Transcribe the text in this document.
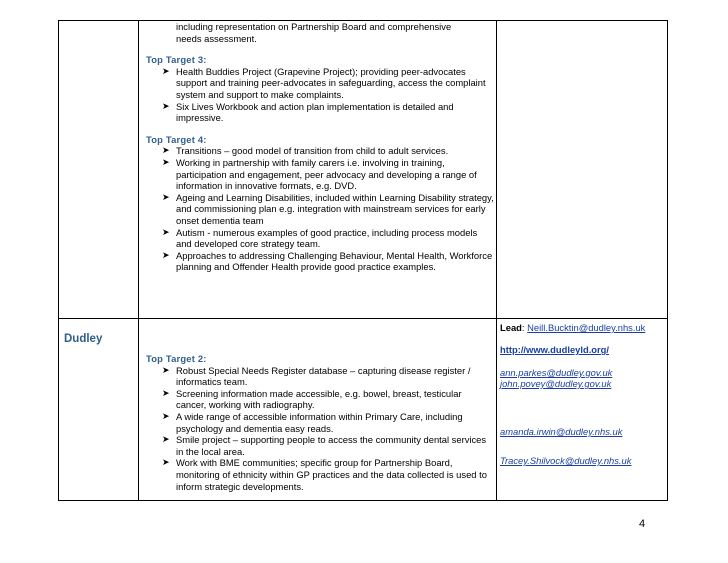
including representation on Partnership Board and comprehensive

needs assessment.

Top Target 3:
➤ Health Buddies Project (Grapevine Project); providing peer-advocates support and training peer-advocates in safeguarding, access the complaint system and support to make complaints.
➤ Six Lives Workbook and action plan implementation is detailed and impressive.
Top Target 4:
➤ Transitions – good model of transition from child to adult services.
➤ Working in partnership with family carers i.e. involving in training, participation and engagement, peer advocacy and developing a range of information in innovative formats, e.g. DVD.
➤ Ageing and Learning Disabilities, included within Learning Disability strategy, and commissioning plan e.g. integration with mainstream services for early onset dementia team
➤ Autism - numerous examples of good practice, including process models and developed core strategy team.
➤ Approaches to addressing Challenging Behaviour, Mental Health, Workforce planning and Offender Health provide good practice examples.
Dudley
Top Target 2:
➤ Robust Special Needs Register database – capturing disease register / informatics team.
➤ Screening information made accessible, e.g. bowel, breast, testicular cancer, working with radiography.
➤ A wide range of accessible information within Primary Care, including psychology and dementia easy reads.
➤ Smile project – supporting people to access the community dental services in the local area.
➤ Work with BME communities; specific group for Partnership Board, monitoring of ethnicity within GP practices and the data collected is used to inform strategic developments.
Lead: Neill.Bucktin@dudley.nhs.uk
http://www.dudleyld.org/
ann.parkes@dudley.gov.uk
john.povey@dudley.gov.uk
amanda.irwin@dudley.nhs.uk
Tracey.Shilvock@dudley.nhs.uk
4
